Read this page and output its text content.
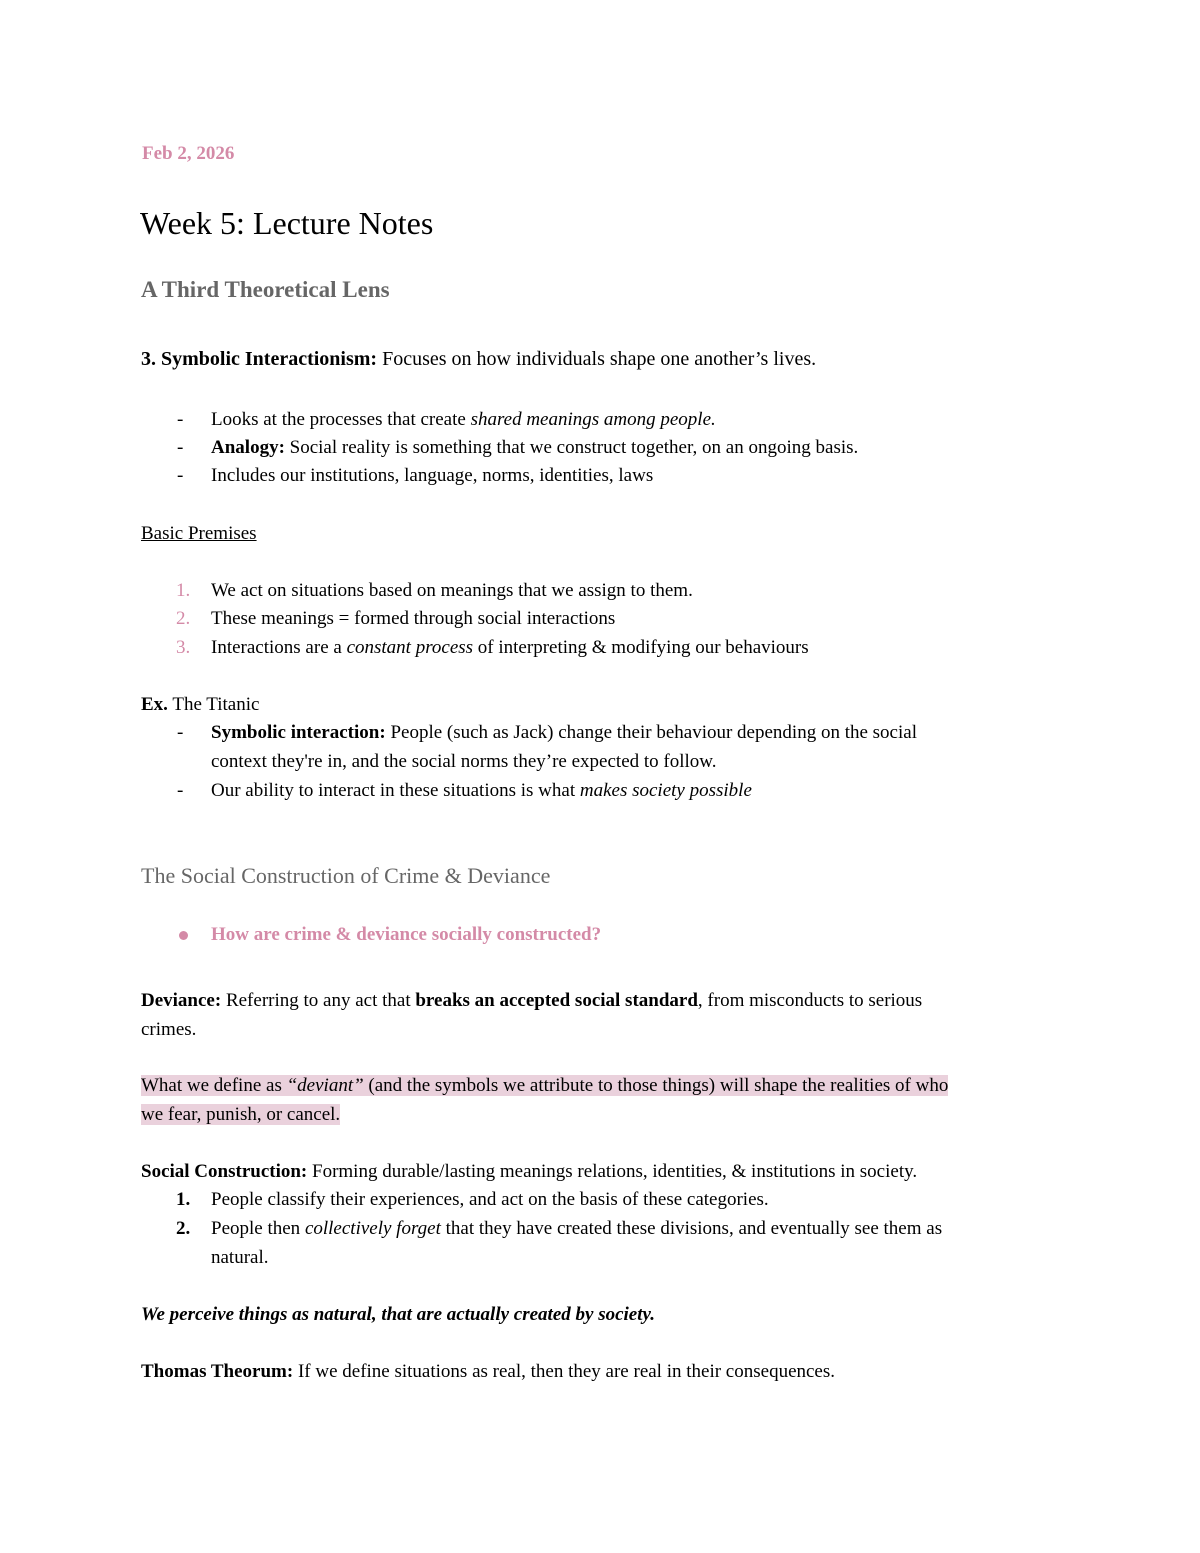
Feb 2, 2026
Week 5: Lecture Notes
A Third Theoretical Lens
3. Symbolic Interactionism: Focuses on how individuals shape one another’s lives.
- Looks at the processes that create shared meanings among people.
- Analogy: Social reality is something that we construct together, on an ongoing basis.
- Includes our institutions, language, norms, identities, laws
Basic Premises
1. We act on situations based on meanings that we assign to them.
2. These meanings = formed through social interactions
3. Interactions are a constant process of interpreting & modifying our behaviours
Ex. The Titanic
- Symbolic interaction: People (such as Jack) change their behaviour depending on the social
context they're in, and the social norms they’re expected to follow.
- Our ability to interact in these situations is what makes society possible
The Social Construction of Crime & Deviance
How are crime & deviance socially constructed?
Deviance: Referring to any act that breaks an accepted social standard, from misconducts to serious
crimes.
What we define as “deviant” (and the symbols we attribute to those things) will shape the realities of who
we fear, punish, or cancel.
Social Construction: Forming durable/lasting meanings relations, identities, & institutions in society.
1. People classify their experiences, and act on the basis of these categories.
2. People then collectively forget that they have created these divisions, and eventually see them as
natural.
We perceive things as natural, that are actually created by society.
Thomas Theorum: If we define situations as real, then they are real in their consequences.
